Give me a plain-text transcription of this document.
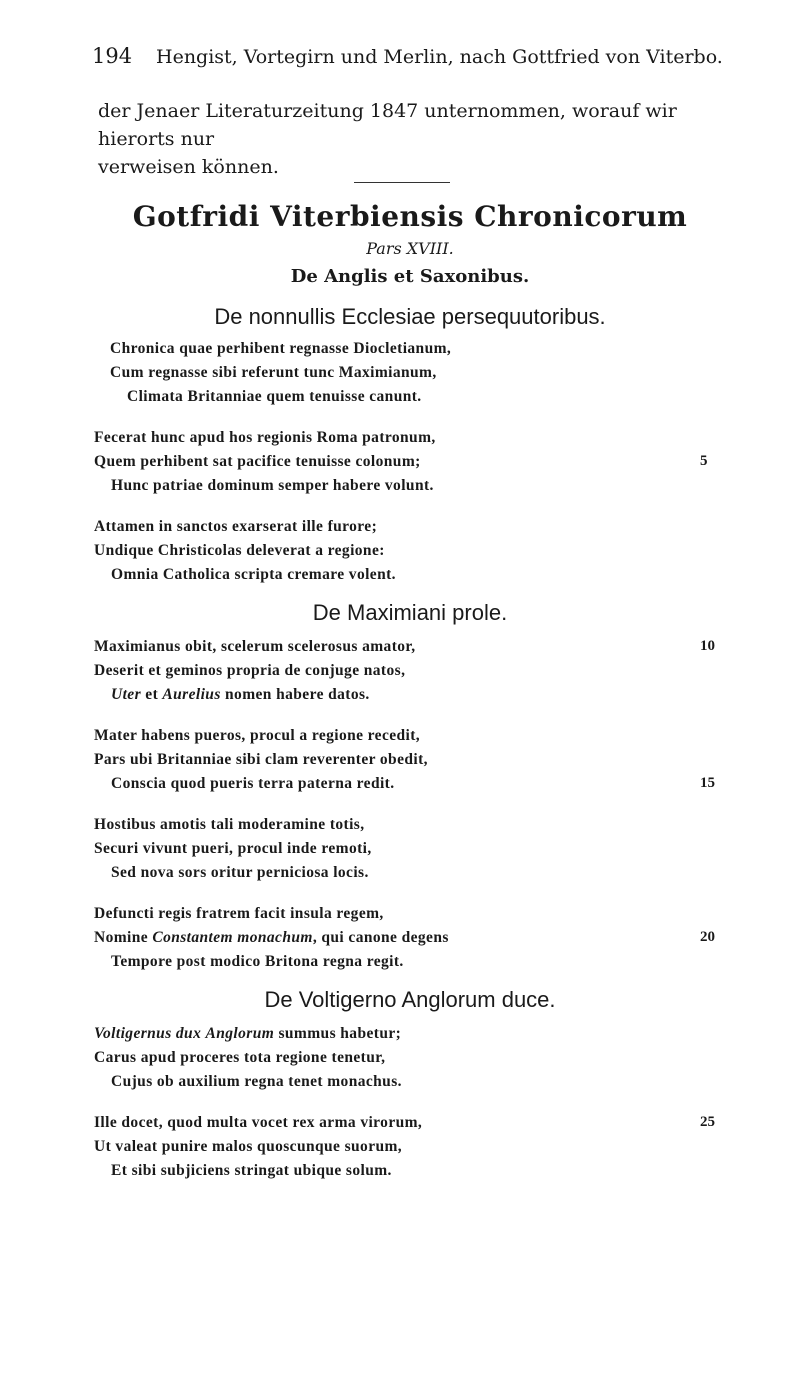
194 Hengist, Vortegirn und Merlin, nach Gottfried von Viterbo.

der Jenaer Literaturzeitung 1847 unternommen, worauf wir hierorts nur

verweisen können.

Gotfridi Viterbiensis Chronicorum
Pars XVIII.
De Anglis et Saxonibus.
De nonnullis Ecclesiae persequutoribus.
Chronica quae perhibent regnasse Diocletianum,
Cum regnasse sibi referunt tunc Maximianum,
Climata Britanniae quem tenuisse canunt.
Fecerat hunc apud hos regionis Roma patronum,
Quem perhibent sat pacifice tenuisse colonum;	5
Hunc patriae dominum semper habere volunt.
Attamen in sanctos exarserat ille furore;
Undique Christicolas deleverat a regione:
Omnia Catholica scripta cremare volent.
De Maximiani prole.
Maximianus obit, scelerum scelerosus amator,	10
Deserit et geminos propria de conjuge natos,
Uter et Aurelius nomen habere datos.
Mater habens pueros, procul a regione recedit,
Pars ubi Britanniae sibi clam reverenter obedit,
Conscia quod pueris terra paterna redit.	15
Hostibus amotis tali moderamine totis,
Securi vivunt pueri, procul inde remoti,
Sed nova sors oritur perniciosa locis.
Defuncti regis fratrem facit insula regem,
Nomine Constantem monachum, qui canone degens	20
Tempore post modico Britona regna regit.
De Voltigerno Anglorum duce.
Voltigernus dux Anglorum summus habetur;
Carus apud proceres tota regione tenetur,
Cujus ob auxilium regna tenet monachus.
Ille docet, quod multa vocet rex arma virorum,	25
Ut valeat punire malos quoscunque suorum,
Et sibi subjiciens stringat ubique solum.
